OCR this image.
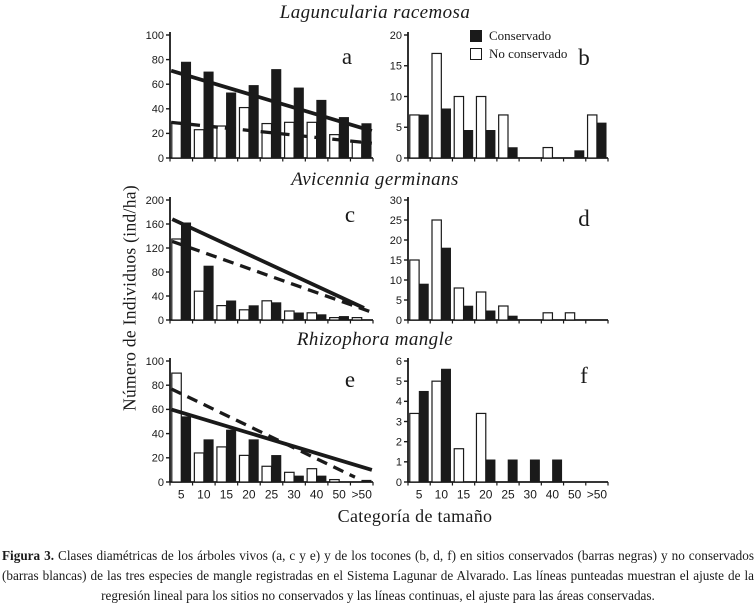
Número de Individuos (ind/ha)
Laguncularia racemosa
Avicennia germinans
Rhizophora mangle
0
20
40
60
80
100
a
0
5
10
15
20
b
0
40
80
120
160
200
c
0
5
10
15
20
25
30
d
0
20
40
60
80
100
e
5 10 15 20 25 30 40 50 >50
0
1
2
3
4
5
6
f
5 10 15 20 25 30 40 50 >50
Conservado
No conservado
Categoría de tamaño
Figura 3. Clases diamétricas de los árboles vivos (a, c y e) y de los tocones (b, d, f) en sitios conservados (barras negras) y no conservados (barras blancas) de las tres especies de mangle registradas en el Sistema Lagunar de Alvarado. Las líneas punteadas muestran el ajuste de la regresión lineal para los sitios no conservados y las líneas continuas, el ajuste para las áreas conservadas.
